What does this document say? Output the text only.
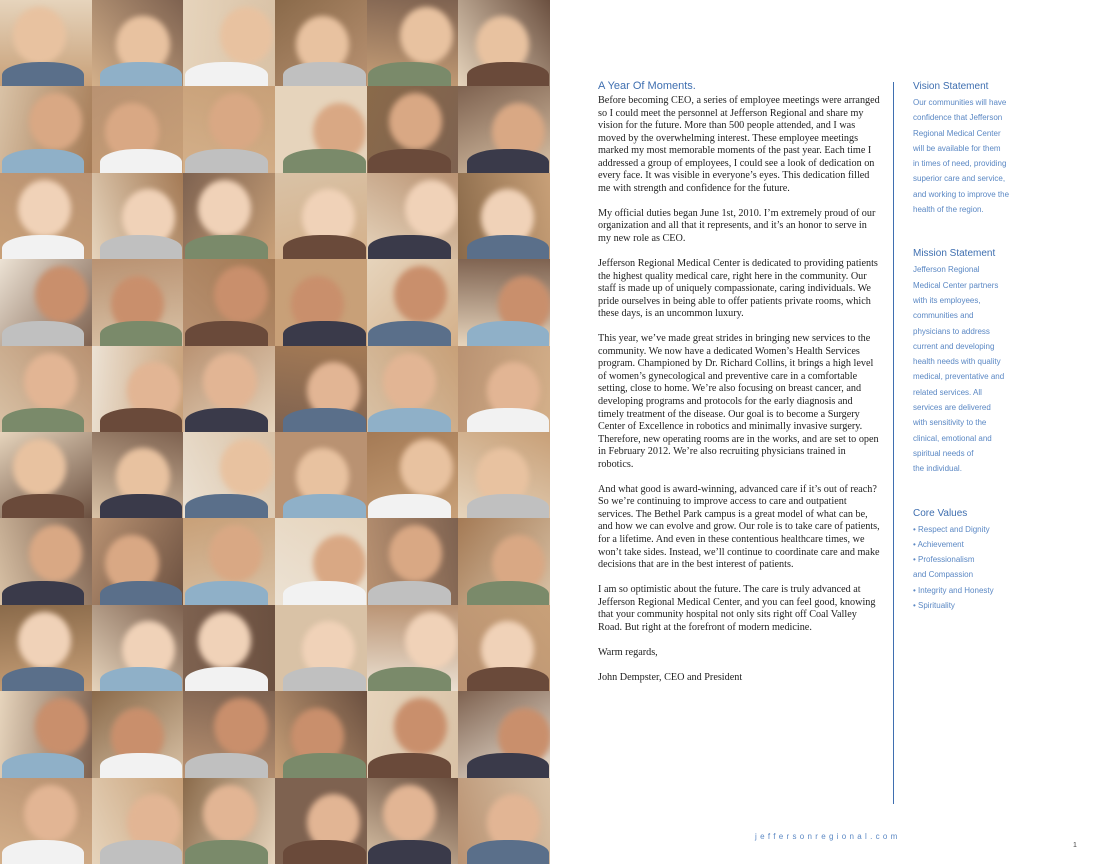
A Year Of Moments.

Before becoming CEO, a series of employee meetings were arranged so I could meet the personnel at Jefferson Regional and share my vision for the future. More than 500 people attended, and I was moved by the overwhelming interest. These employee meetings marked my most memorable moments of the past year. Each time I addressed a group of employees, I could see a look of dedication on every face. It was visible in everyone’s eyes. This dedication filled me with strength and confidence for the future.

My official duties began June 1st, 2010. I’m extremely proud of our organization and all that it represents, and it’s an honor to serve in my new role as CEO.

Jefferson Regional Medical Center is dedicated to providing patients the highest quality medical care, right here in the community. Our staff is made up of uniquely compassionate, caring individuals. We pride ourselves in being able to offer patients private rooms, which these days, is an uncommon luxury.

This year, we’ve made great strides in bringing new services to the community. We now have a dedicated Women’s Health Services program. Championed by Dr. Richard Collins, it brings a high level of women’s gynecological and preventive care in a comfortable setting, close to home. We’re also focusing on breast cancer, and developing programs and protocols for the early diagnosis and timely treatment of the disease. Our goal is to become a Surgery Center of Excellence in robotics and minimally invasive surgery. Therefore, new operating rooms are in the works, and are set to open in February 2012. We’re also recruiting physicians trained in robotics.

And what good is award-winning, advanced care if it’s out of reach? So we’re continuing to improve access to care and outpatient services. The Bethel Park campus is a great model of what can be, and how we can evolve and grow. Our role is to take care of patients, for a lifetime. And even in these contentious healthcare times, we won’t take sides. Instead, we’ll continue to coordinate care and make decisions that are in the best interest of patients.

I am so optimistic about the future. The care is truly advanced at Jefferson Regional Medical Center, and you can feel good, knowing that your community hospital not only sits right off Coal Valley Road. But right at the forefront of modern medicine.

Warm regards,

John Dempster, CEO and President

Vision Statement

Our communities will have
confidence that Jefferson
Regional Medical Center
will be available for them
in times of need, providing
superior care and service,
and working to improve the
health of the region.

Mission Statement

Jefferson Regional
Medical Center partners
with its employees,
communities and
physicians to address
current and developing
health needs with quality
medical, preventative and
related services. All
services are delivered
with sensitivity to the
clinical, emotional and
spiritual needs of
the individual.

Core Values
• Respect and Dignity
• Achievement
• Professionalism
and Compassion
• Integrity and Honesty
• Spirituality
jeffersonregional.com
1
